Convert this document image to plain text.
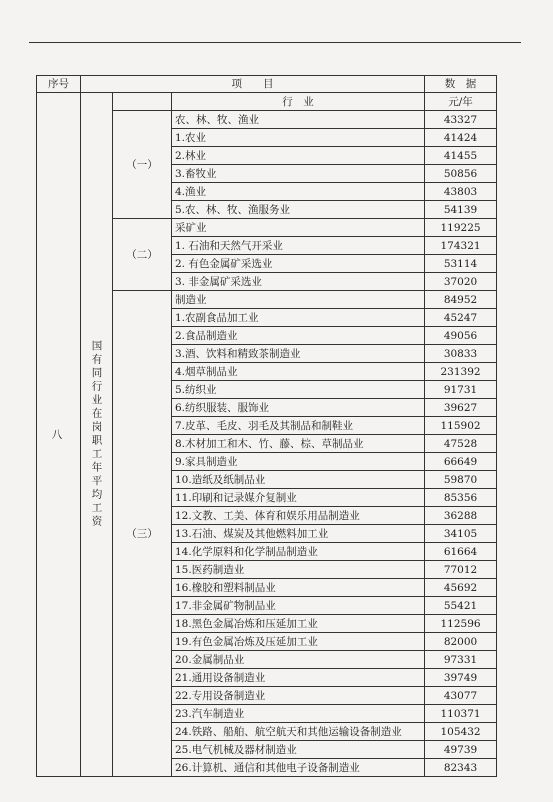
序号	项　　目			数　据
八	国有同行业在岗职工年平均工资		行　业	元/年
		（一）	农、林、牧、渔业	43327
			1.农业	41424
			2.林业	41455
			3.畜牧业	50856
			4.渔业	43803
			5.农、林、牧、渔服务业	54139
		（二）	采矿业	119225
			1. 石油和天然气开采业	174321
			2. 有色金属矿采选业	53114
			3. 非金属矿采选业	37020
		（三）	制造业	84952
			1.农副食品加工业	45247
			2.食品制造业	49056
			3.酒、饮料和精致茶制造业	30833
			4.烟草制品业	231392
			5.纺织业	91731
			6.纺织服装、服饰业	39627
			7.皮革、毛皮、羽毛及其制品和制鞋业	115902
			8.木材加工和木、竹、藤、棕、草制品业	47528
			9.家具制造业	66649
			10.造纸及纸制品业	59870
			11.印刷和记录媒介复制业	85356
			12.文教、工美、体育和娱乐用品制造业	36288
			13.石油、煤炭及其他燃料加工业	34105
			14.化学原料和化学制品制造业	61664
			15.医药制造业	77012
			16.橡胶和塑料制品业	45692
			17.非金属矿物制品业	55421
			18.黑色金属冶炼和压延加工业	112596
			19.有色金属冶炼及压延加工业	82000
			20.金属制品业	97331
			21.通用设备制造业	39749
			22.专用设备制造业	43077
			23.汽车制造业	110371
			24.铁路、船舶、航空航天和其他运输设备制造业	105432
			25.电气机械及器材制造业	49739
			26.计算机、通信和其他电子设备制造业	82343
